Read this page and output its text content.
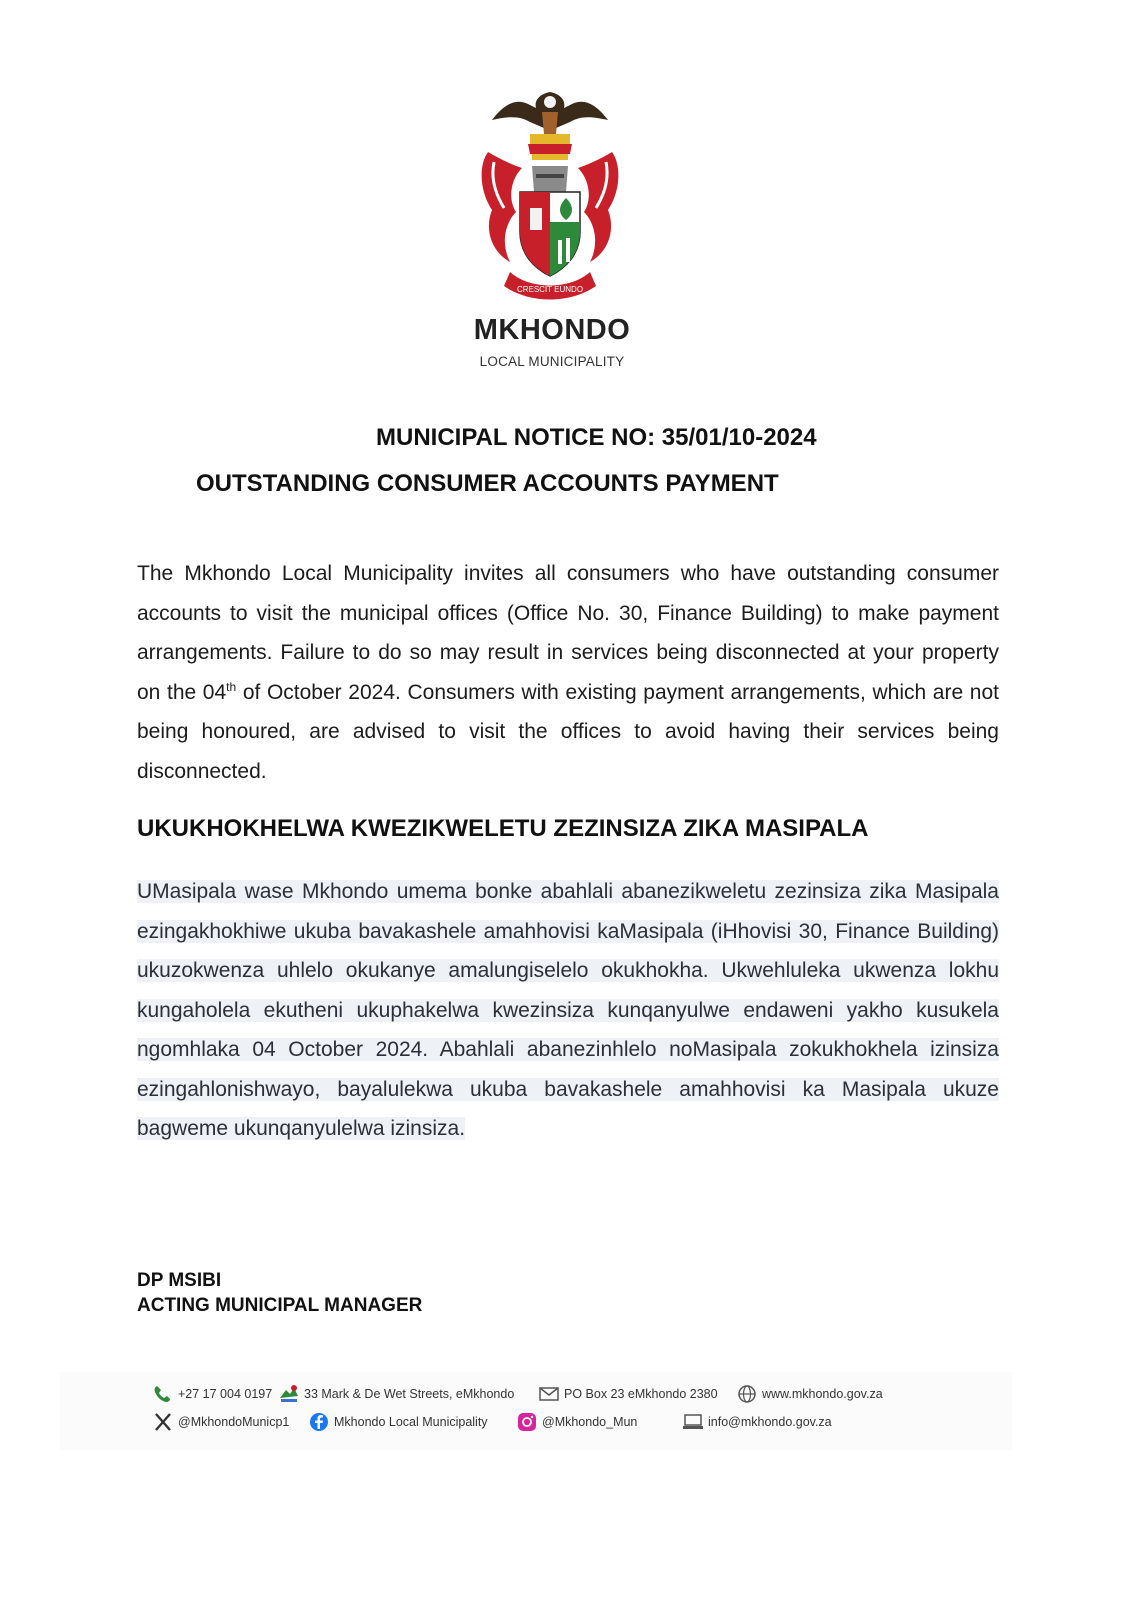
CRESCIT EUNDO
MKHONDO
LOCAL MUNICIPALITY
MUNICIPAL NOTICE NO: 35/01/10-2024
OUTSTANDING CONSUMER ACCOUNTS PAYMENT
The Mkhondo Local Municipality invites all consumers who have outstanding consumer accounts to visit the municipal offices (Office No. 30, Finance Building) to make payment arrangements. Failure to do so may result in services being disconnected at your property on the 04th of October 2024. Consumers with existing payment arrangements, which are not being honoured, are advised to visit the offices to avoid having their services being disconnected.
UKUKHOKHELWA KWEZIKWELETU ZEZINSIZA ZIKA MASIPALA
UMasipala wase Mkhondo umema bonke abahlali abanezikweletu zezinsiza zika Masipala ezingakhokhiwe ukuba bavakashele amahhovisi kaMasipala (iHhovisi 30, Finance Building) ukuzokwenza uhlelo okukanye amalungiselelo okukhokha. Ukwehluleka ukwenza lokhu kungaholela ekutheni ukuphakelwa kwezinsiza kunqanyulwe endaweni yakho kusukela ngomhlaka 04 October 2024. Abahlali abanezinhlelo noMasipala zokukhokhela izinsiza ezingahlonishwayo, bayalulekwa ukuba bavakashele amahhovisi ka Masipala ukuze bagweme ukunqanyulelwa izinsiza.
DP MSIBI
ACTING MUNICIPAL MANAGER
+27 17 004 0197	33 Mark & De Wet Streets, eMkhondo	PO Box 23 eMkhondo 2380	www.mkhondo.gov.za
@MkhondoMunicp1	Mkhondo Local Municipality	@Mkhondo_Mun	info@mkhondo.gov.za
